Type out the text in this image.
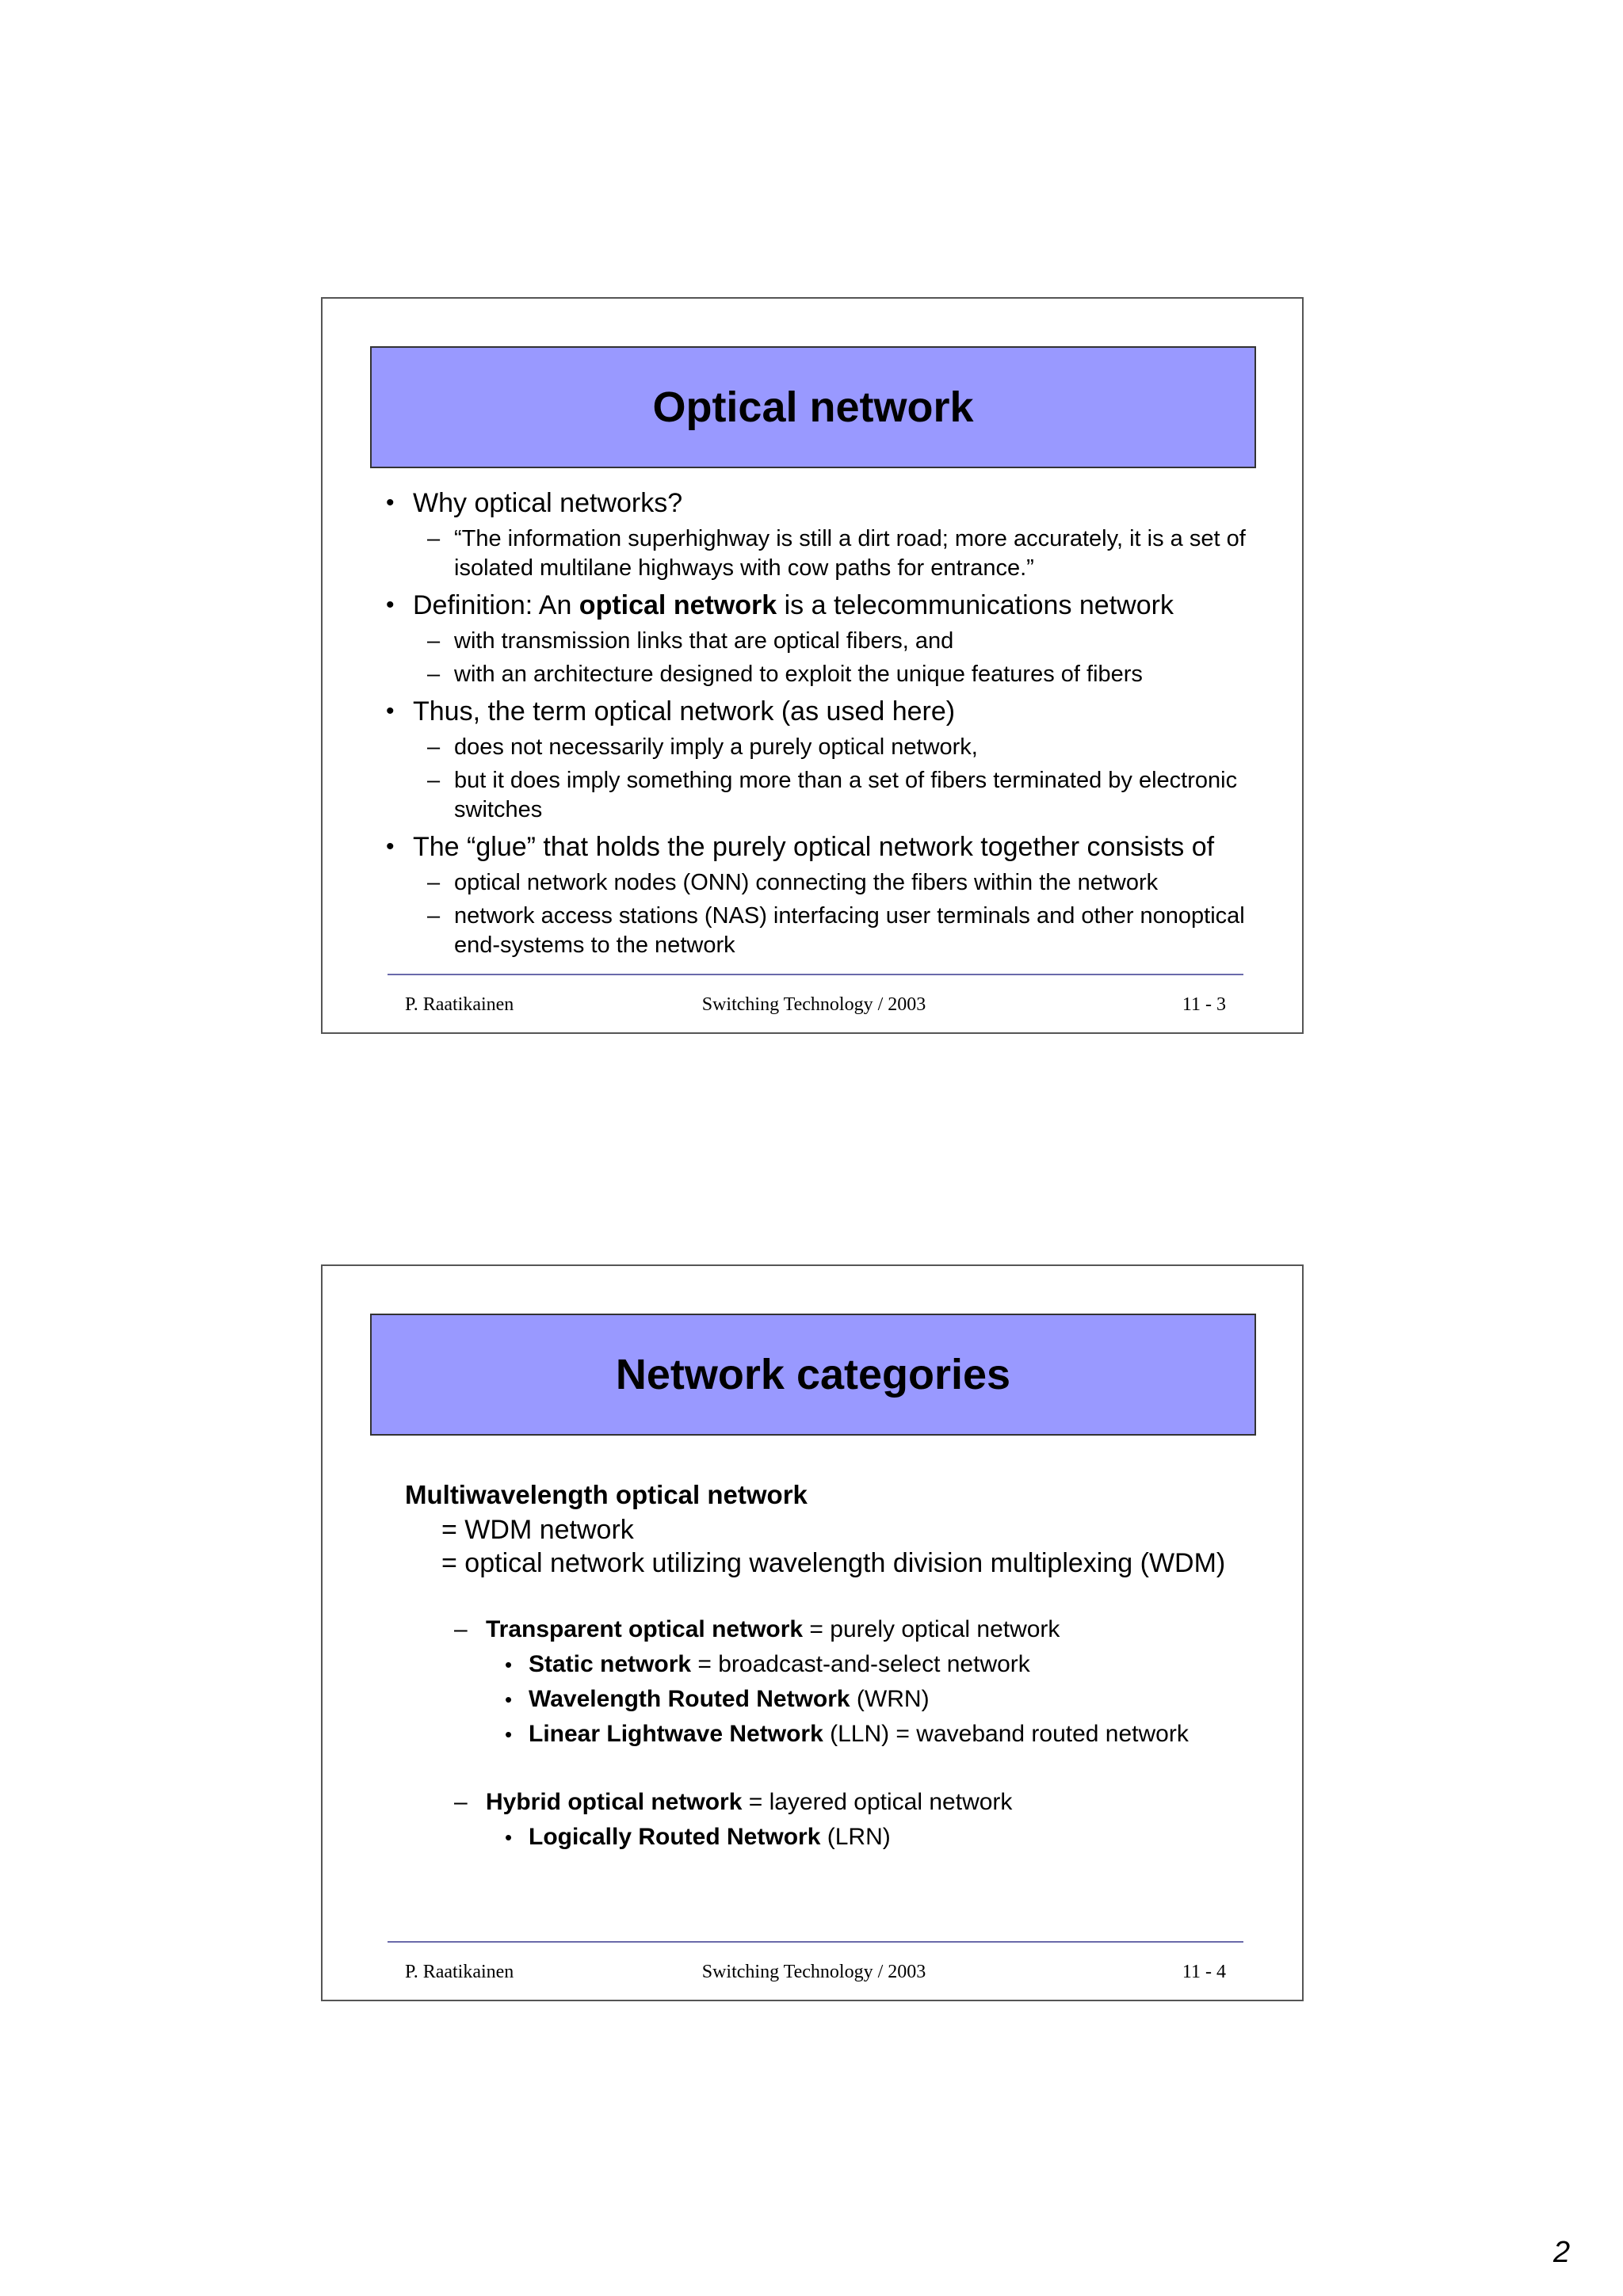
Optical network
• Why optical networks?
– “The information superhighway is still a dirt road; more accurately, it is a set of isolated multilane highways with cow paths for entrance.”
• Definition: An optical network is a telecommunications network
– with transmission links that are optical fibers, and
– with an architecture designed to exploit the unique features of fibers
• Thus, the term optical network (as used here)
– does not necessarily imply a purely optical network,
– but it does imply something more than a set of fibers terminated by electronic switches
• The “glue” that holds the purely optical network together consists of
– optical network nodes (ONN) connecting the fibers within the network
– network access stations (NAS) interfacing user terminals and other nonoptical end-systems to the network
P. Raatikainen	Switching Technology / 2003	11 - 3
Network categories
Multiwavelength optical network
= WDM network
= optical network utilizing wavelength division multiplexing (WDM)
– Transparent optical network = purely optical network
• Static network = broadcast-and-select network
• Wavelength Routed Network (WRN)
• Linear Lightwave Network (LLN) = waveband routed network
– Hybrid optical network = layered optical network
• Logically Routed Network (LRN)
P. Raatikainen	Switching Technology / 2003	11 - 4
2
